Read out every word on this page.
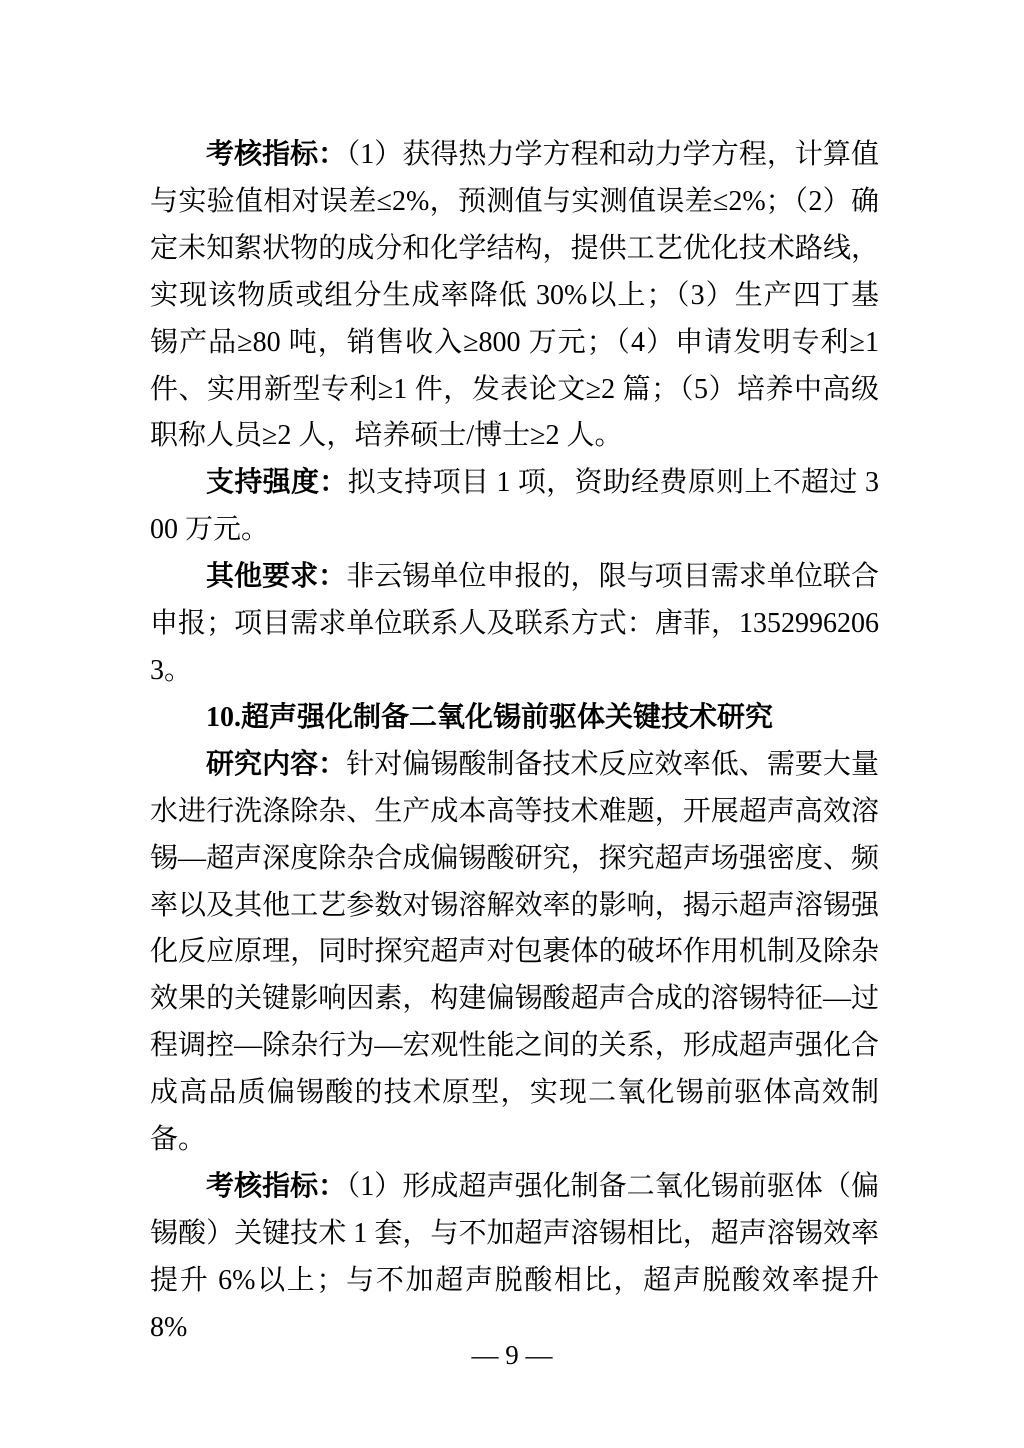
考核指标：（1）获得热力学方程和动力学方程，计算值与实验值相对误差≤2%，预测值与实测值误差≤2%；（2）确定未知絮状物的成分和化学结构，提供工艺优化技术路线，实现该物质或组分生成率降低 30%以上；（3）生产四丁基锡产品≥80 吨，销售收入≥800 万元；（4）申请发明专利≥1 件、实用新型专利≥1 件，发表论文≥2 篇；（5）培养中高级职称人员≥2 人，培养硕士/博士≥2 人。

支持强度：拟支持项目 1 项，资助经费原则上不超过 300 万元。

其他要求：非云锡单位申报的，限与项目需求单位联合申报；项目需求单位联系人及联系方式：唐菲，13529962063。

10.超声强化制备二氧化锡前驱体关键技术研究

研究内容：针对偏锡酸制备技术反应效率低、需要大量水进行洗涤除杂、生产成本高等技术难题，开展超声高效溶锡—超声深度除杂合成偏锡酸研究，探究超声场强密度、频率以及其他工艺参数对锡溶解效率的影响，揭示超声溶锡强化反应原理，同时探究超声对包裹体的破坏作用机制及除杂效果的关键影响因素，构建偏锡酸超声合成的溶锡特征—过程调控—除杂行为—宏观性能之间的关系，形成超声强化合成高品质偏锡酸的技术原型，实现二氧化锡前驱体高效制备。

考核指标：（1）形成超声强化制备二氧化锡前驱体（偏锡酸）关键技术 1 套，与不加超声溶锡相比，超声溶锡效率提升 6%以上；与不加超声脱酸相比，超声脱酸效率提升 8%

— 9 —
